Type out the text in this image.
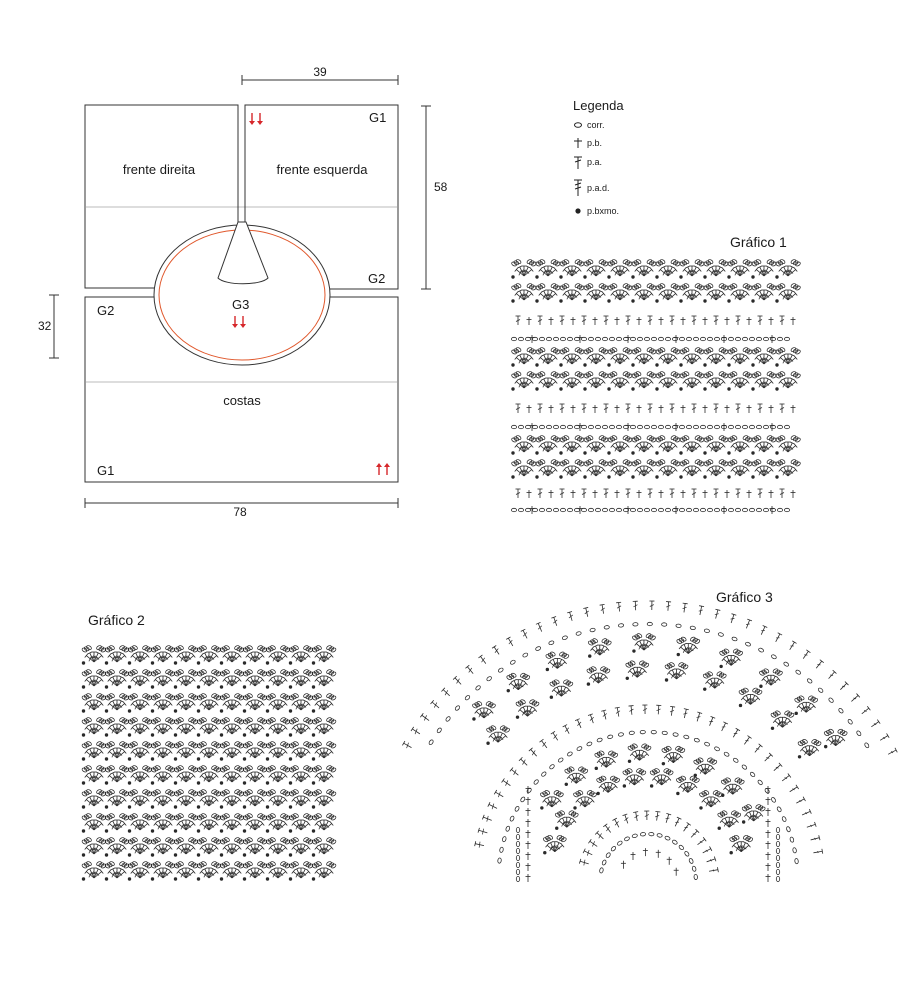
frente direita	frente esquerda
costas
G1
G2
G3
G2
G1
39
58
32
78
Legenda
corr.
p.b.
p.a.
p.a.d.
p.bxmo.
Gráfico 1
Gráfico 2
Gráfico 3
